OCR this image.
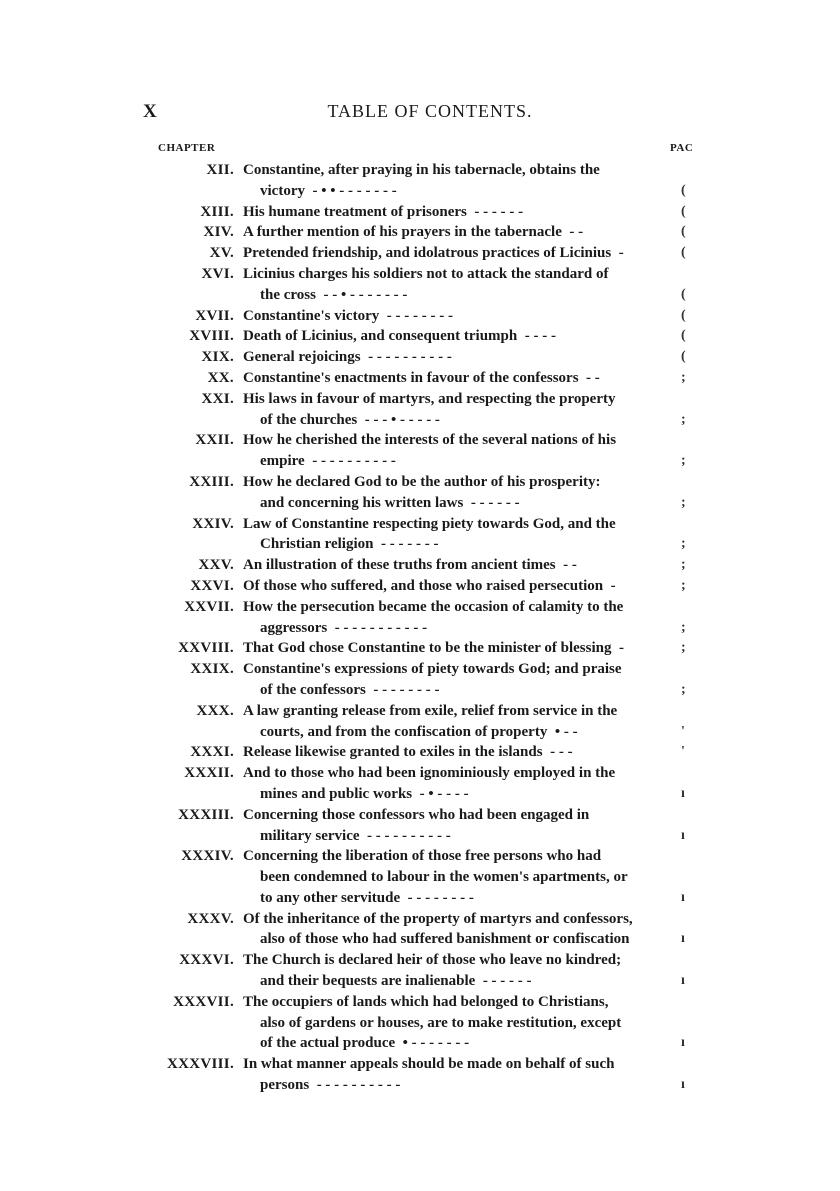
X	TABLE OF CONTENTS.
CHAPTER	PAC
XII. Constantine, after praying in his tabernacle, obtains the
victory  - • • - - - - - - -	(
XIII. His humane treatment of prisoners  - - - - - -	(
XIV. A further mention of his prayers in the tabernacle  - -	(
XV. Pretended friendship, and idolatrous practices of Licinius  -	(
XVI. Licinius charges his soldiers not to attack the standard of
the cross  - - • - - - - - - -	(
XVII. Constantine's victory  - - - - - - - -	(
XVIII. Death of Licinius, and consequent triumph  - - - -	(
XIX. General rejoicings  - - - - - - - - - -	(
XX. Constantine's enactments in favour of the confessors  - -	;
XXI. His laws in favour of martyrs, and respecting the property
of the churches  - - - • - - - - -	;
XXII. How he cherished the interests of the several nations of his
empire  - - - - - - - - - -	;
XXIII. How he declared God to be the author of his prosperity:
and concerning his written laws  - - - - - -	;
XXIV. Law of Constantine respecting piety towards God, and the
Christian religion  - - - - - - -	;
XXV. An illustration of these truths from ancient times  - -	;
XXVI. Of those who suffered, and those who raised persecution  -	;
XXVII. How the persecution became the occasion of calamity to the
aggressors  - - - - - - - - - - -	;
XXVIII. That God chose Constantine to be the minister of blessing  -	;
XXIX. Constantine's expressions of piety towards God; and praise
of the confessors  - - - - - - - -	;
XXX. A law granting release from exile, relief from service in the
courts, and from the confiscation of property  • - -	'
XXXI. Release likewise granted to exiles in the islands  - - -	'
XXXII. And to those who had been ignominiously employed in the
mines and public works  - • - - - -	ı
XXXIII. Concerning those confessors who had been engaged in
military service  - - - - - - - - - -	ı
XXXIV. Concerning the liberation of those free persons who had
been condemned to labour in the women's apartments, or
to any other servitude  - - - - - - - -	ı
XXXV. Of the inheritance of the property of martyrs and confessors,
also of those who had suffered banishment or confiscation	ı
XXXVI. The Church is declared heir of those who leave no kindred;
and their bequests are inalienable  - - - - - -	ı
XXXVII. The occupiers of lands which had belonged to Christians,
also of gardens or houses, are to make restitution, except
of the actual produce  • - - - - - - -	ı
XXXVIII. In what manner appeals should be made on behalf of such
persons  - - - - - - - - - -	ı
